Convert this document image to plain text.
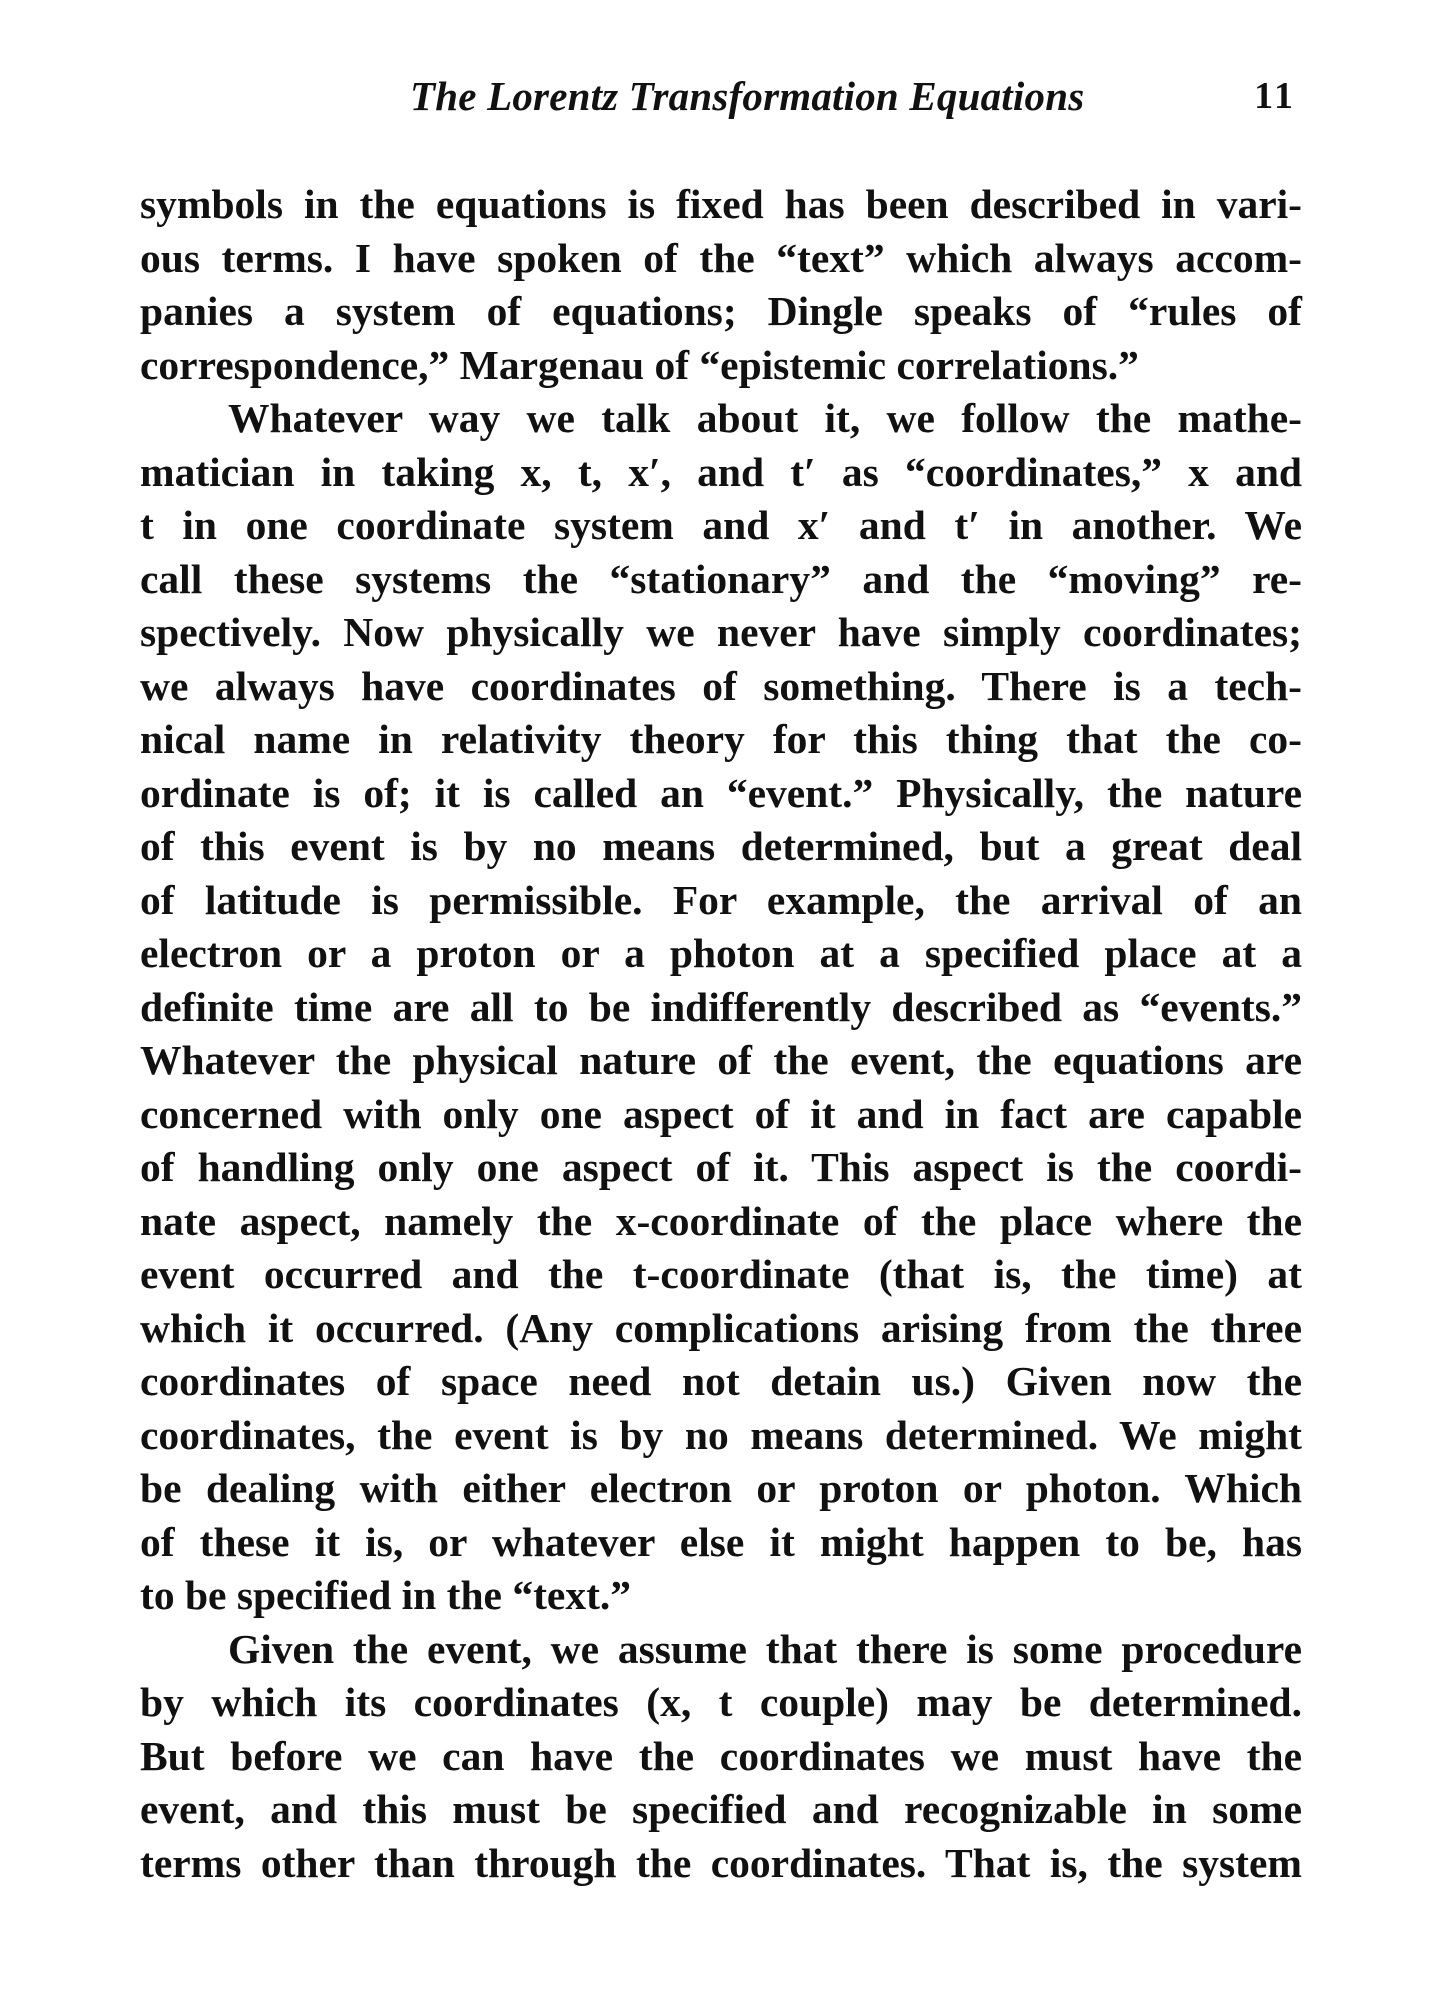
The Lorentz Transformation Equations	11
symbols in the equations is fixed has been described in vari-
ous terms. I have spoken of the “text” which always accom-
panies a system of equations; Dingle speaks of “rules of
correspondence,” Margenau of “epistemic correlations.”
Whatever way we talk about it, we follow the mathe-
matician in taking x, t, x′, and t′ as “coordinates,” x and
t in one coordinate system and x′ and t′ in another. We
call these systems the “stationary” and the “moving” re-
spectively. Now physically we never have simply coordinates;
we always have coordinates of something. There is a tech-
nical name in relativity theory for this thing that the co-
ordinate is of; it is called an “event.” Physically, the nature
of this event is by no means determined, but a great deal
of latitude is permissible. For example, the arrival of an
electron or a proton or a photon at a specified place at a
definite time are all to be indifferently described as “events.”
Whatever the physical nature of the event, the equations are
concerned with only one aspect of it and in fact are capable
of handling only one aspect of it. This aspect is the coordi-
nate aspect, namely the x-coordinate of the place where the
event occurred and the t-coordinate (that is, the time) at
which it occurred. (Any complications arising from the three
coordinates of space need not detain us.) Given now the
coordinates, the event is by no means determined. We might
be dealing with either electron or proton or photon. Which
of these it is, or whatever else it might happen to be, has
to be specified in the “text.”
Given the event, we assume that there is some procedure
by which its coordinates (x, t couple) may be determined.
But before we can have the coordinates we must have the
event, and this must be specified and recognizable in some
terms other than through the coordinates. That is, the system
